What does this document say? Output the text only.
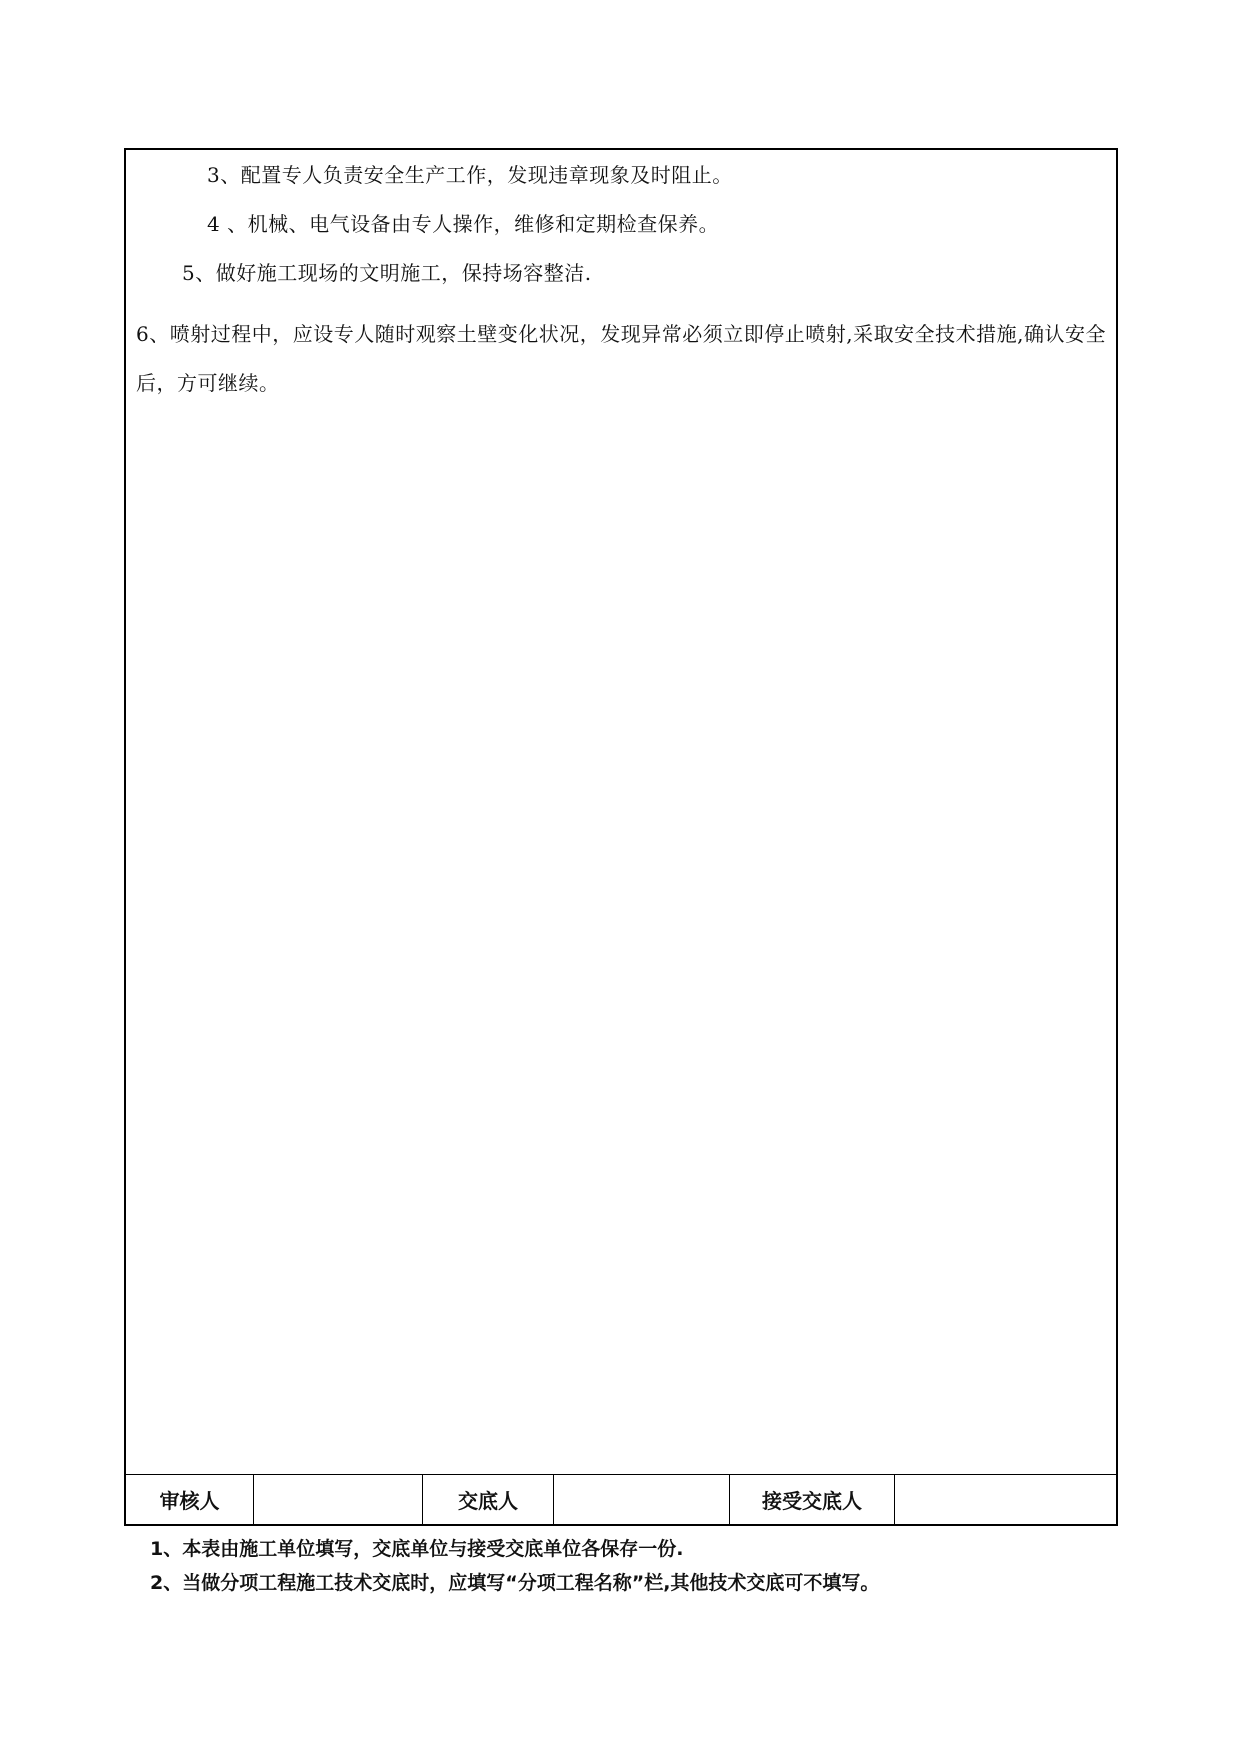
3、配置专人负责安全生产工作，发现违章现象及时阻止。
4 、机械、电气设备由专人操作，维修和定期检查保养。
5、做好施工现场的文明施工，保持场容整洁.
6、喷射过程中，应设专人随时观察土壁变化状况，发现异常必须立即停止喷射,采取安全技术措施,确认安全后，方可继续。
审核人	交底人	接受交底人
1、本表由施工单位填写，交底单位与接受交底单位各保存一份.
2、当做分项工程施工技术交底时，应填写“分项工程名称”栏,其他技术交底可不填写。
